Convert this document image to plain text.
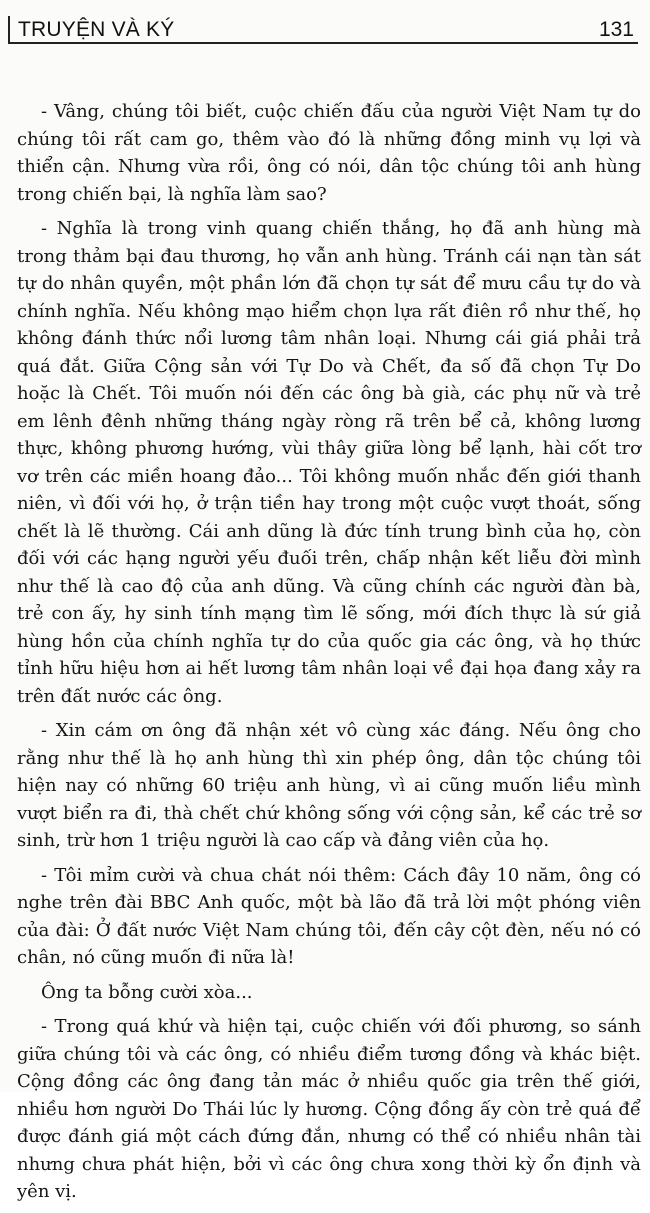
TRUYỆN VÀ KÝ	131

- Vâng, chúng tôi biết, cuộc chiến đấu của người Việt Nam tự do chúng tôi rất cam go, thêm vào đó là những đồng minh vụ lợi và thiển cận. Nhưng vừa rồi, ông có nói, dân tộc chúng tôi anh hùng trong chiến bại, là nghĩa làm sao?

- Nghĩa là trong vinh quang chiến thắng, họ đã anh hùng mà trong thảm bại đau thương, họ vẫn anh hùng. Tránh cái nạn tàn sát tự do nhân quyền, một phần lớn đã chọn tự sát để mưu cầu tự do và chính nghĩa. Nếu không mạo hiểm chọn lựa rất điên rồ như thế, họ không đánh thức nổi lương tâm nhân loại. Nhưng cái giá phải trả quá đắt. Giữa Cộng sản với Tự Do và Chết, đa số đã chọn Tự Do hoặc là Chết. Tôi muốn nói đến các ông bà già, các phụ nữ và trẻ em lênh đênh những tháng ngày ròng rã trên bể cả, không lương thực, không phương hướng, vùi thây giữa lòng bể lạnh, hài cốt trơ vơ trên các miền hoang đảo... Tôi không muốn nhắc đến giới thanh niên, vì đối với họ, ở trận tiền hay trong một cuộc vượt thoát, sống chết là lẽ thường. Cái anh dũng là đức tính trung bình của họ, còn đối với các hạng người yếu đuối trên, chấp nhận kết liễu đời mình như thế là cao độ của anh dũng. Và cũng chính các người đàn bà, trẻ con ấy, hy sinh tính mạng tìm lẽ sống, mới đích thực là sứ giả hùng hồn của chính nghĩa tự do của quốc gia các ông, và họ thức tỉnh hữu hiệu hơn ai hết lương tâm nhân loại về đại họa đang xảy ra trên đất nước các ông.

- Xin cám ơn ông đã nhận xét vô cùng xác đáng. Nếu ông cho rằng như thế là họ anh hùng thì xin phép ông, dân tộc chúng tôi hiện nay có những 60 triệu anh hùng, vì ai cũng muốn liều mình vượt biển ra đi, thà chết chứ không sống với cộng sản, kể các trẻ sơ sinh, trừ hơn 1 triệu người là cao cấp và đảng viên của họ.

- Tôi mỉm cười và chua chát nói thêm: Cách đây 10 năm, ông có nghe trên đài BBC Anh quốc, một bà lão đã trả lời một phóng viên của đài: Ở đất nước Việt Nam chúng tôi, đến cây cột đèn, nếu nó có chân, nó cũng muốn đi nữa là!

Ông ta bỗng cười xòa...

- Trong quá khứ và hiện tại, cuộc chiến với đối phương, so sánh giữa chúng tôi và các ông, có nhiều điểm tương đồng và khác biệt. Cộng đồng các ông đang tản mác ở nhiều quốc gia trên thế giới, nhiều hơn người Do Thái lúc ly hương. Cộng đồng ấy còn trẻ quá để được đánh giá một cách đứng đắn, nhưng có thể có nhiều nhân tài nhưng chưa phát hiện, bởi vì các ông chưa xong thời kỳ ổn định và yên vị.
